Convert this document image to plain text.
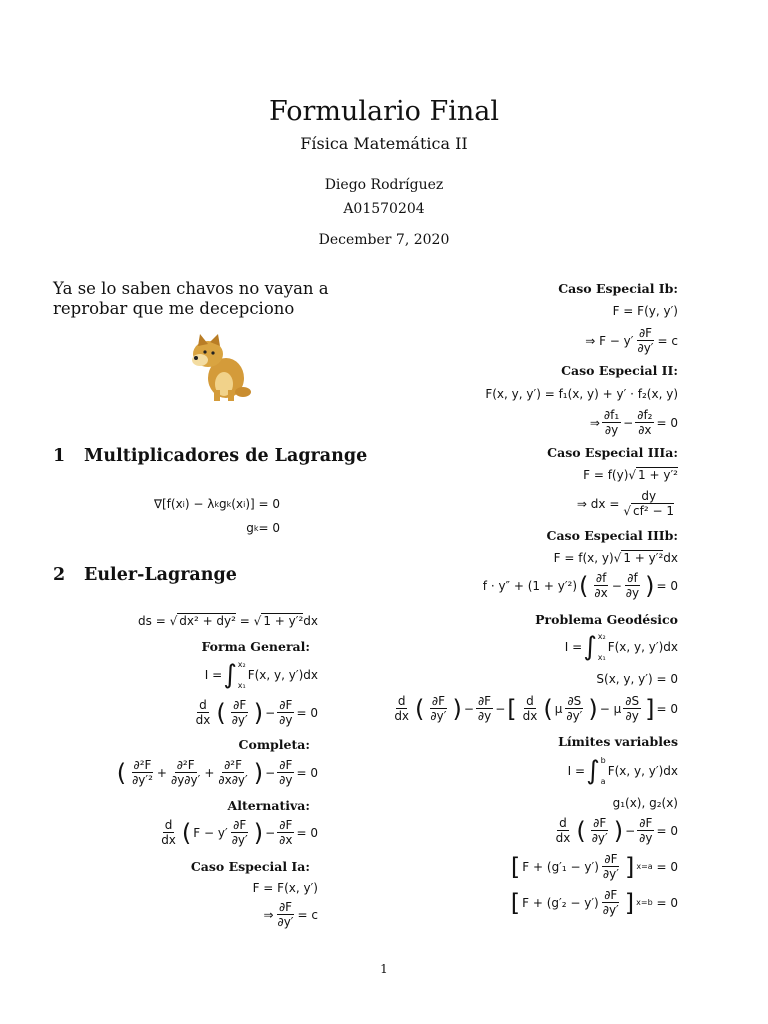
Formulario Final
Física Matemática II
Diego Rodríguez
A01570204
December 7, 2020
Ya se lo saben chavos no vayan a reprobar que me decepciono
1 Multiplicadores de Lagrange
2 Euler-Lagrange
∇[f(x i ) − λ k g k (x i )] = 0
g k = 0
ds = √ dx² + dy² = √ 1 + y′² dx
Forma General:
I = ∫ x₂
x₁
F(x, y, y′)dx
d
dx ( ∂F
∂y′ ) −
∂F
∂y
= 0
Completa:
( ∂²F
∂y′²
+
∂²F
∂y∂y′
+
∂²F
∂x∂y′ ) −
∂F
∂y
= 0
Alternativa:
d
dx ( F − y′
∂F
∂y′ ) −
∂F
∂x
= 0
Caso Especial Ia:
F = F(x, y′)
⇒
∂F
∂y′
= c
Caso Especial Ib:
F = F(y, y′)
⇒ F − y′
∂F
∂y′
= c
Caso Especial II:
F(x, y, y′) = f₁(x, y) + y′ · f₂(x, y)
⇒
∂f₁
∂y
−
∂f₂
∂x
= 0
Caso Especial IIIa:
F = f(y)√ 1 + y′²
⇒ dx =
dy
√ cf² − 1
Caso Especial IIIb:
F = f(x, y)√ 1 + y′² dx
f · y″ + (1 + y′²) ( ∂f
∂x
−
∂f
∂y ) = 0
Problema Geodésico
I = ∫ x₂
x₁
F(x, y, y′)dx
S(x, y, y′) = 0
d
dx ( ∂F
∂y′ ) −
∂F
∂y
− [ d
dx ( μ
∂S
∂y′ ) − μ
∂S
∂y ] = 0
Límites variables
I = ∫ b
a
F(x, y, y′)dx
g₁(x), g₂(x)
d
dx ( ∂F
∂y′ ) −
∂F
∂y
= 0
[ F + (g′₁ − y′)
∂F
∂y′ ] x=a = 0
[ F + (g′₂ − y′)
∂F
∂y′ ] x=b = 0
1
